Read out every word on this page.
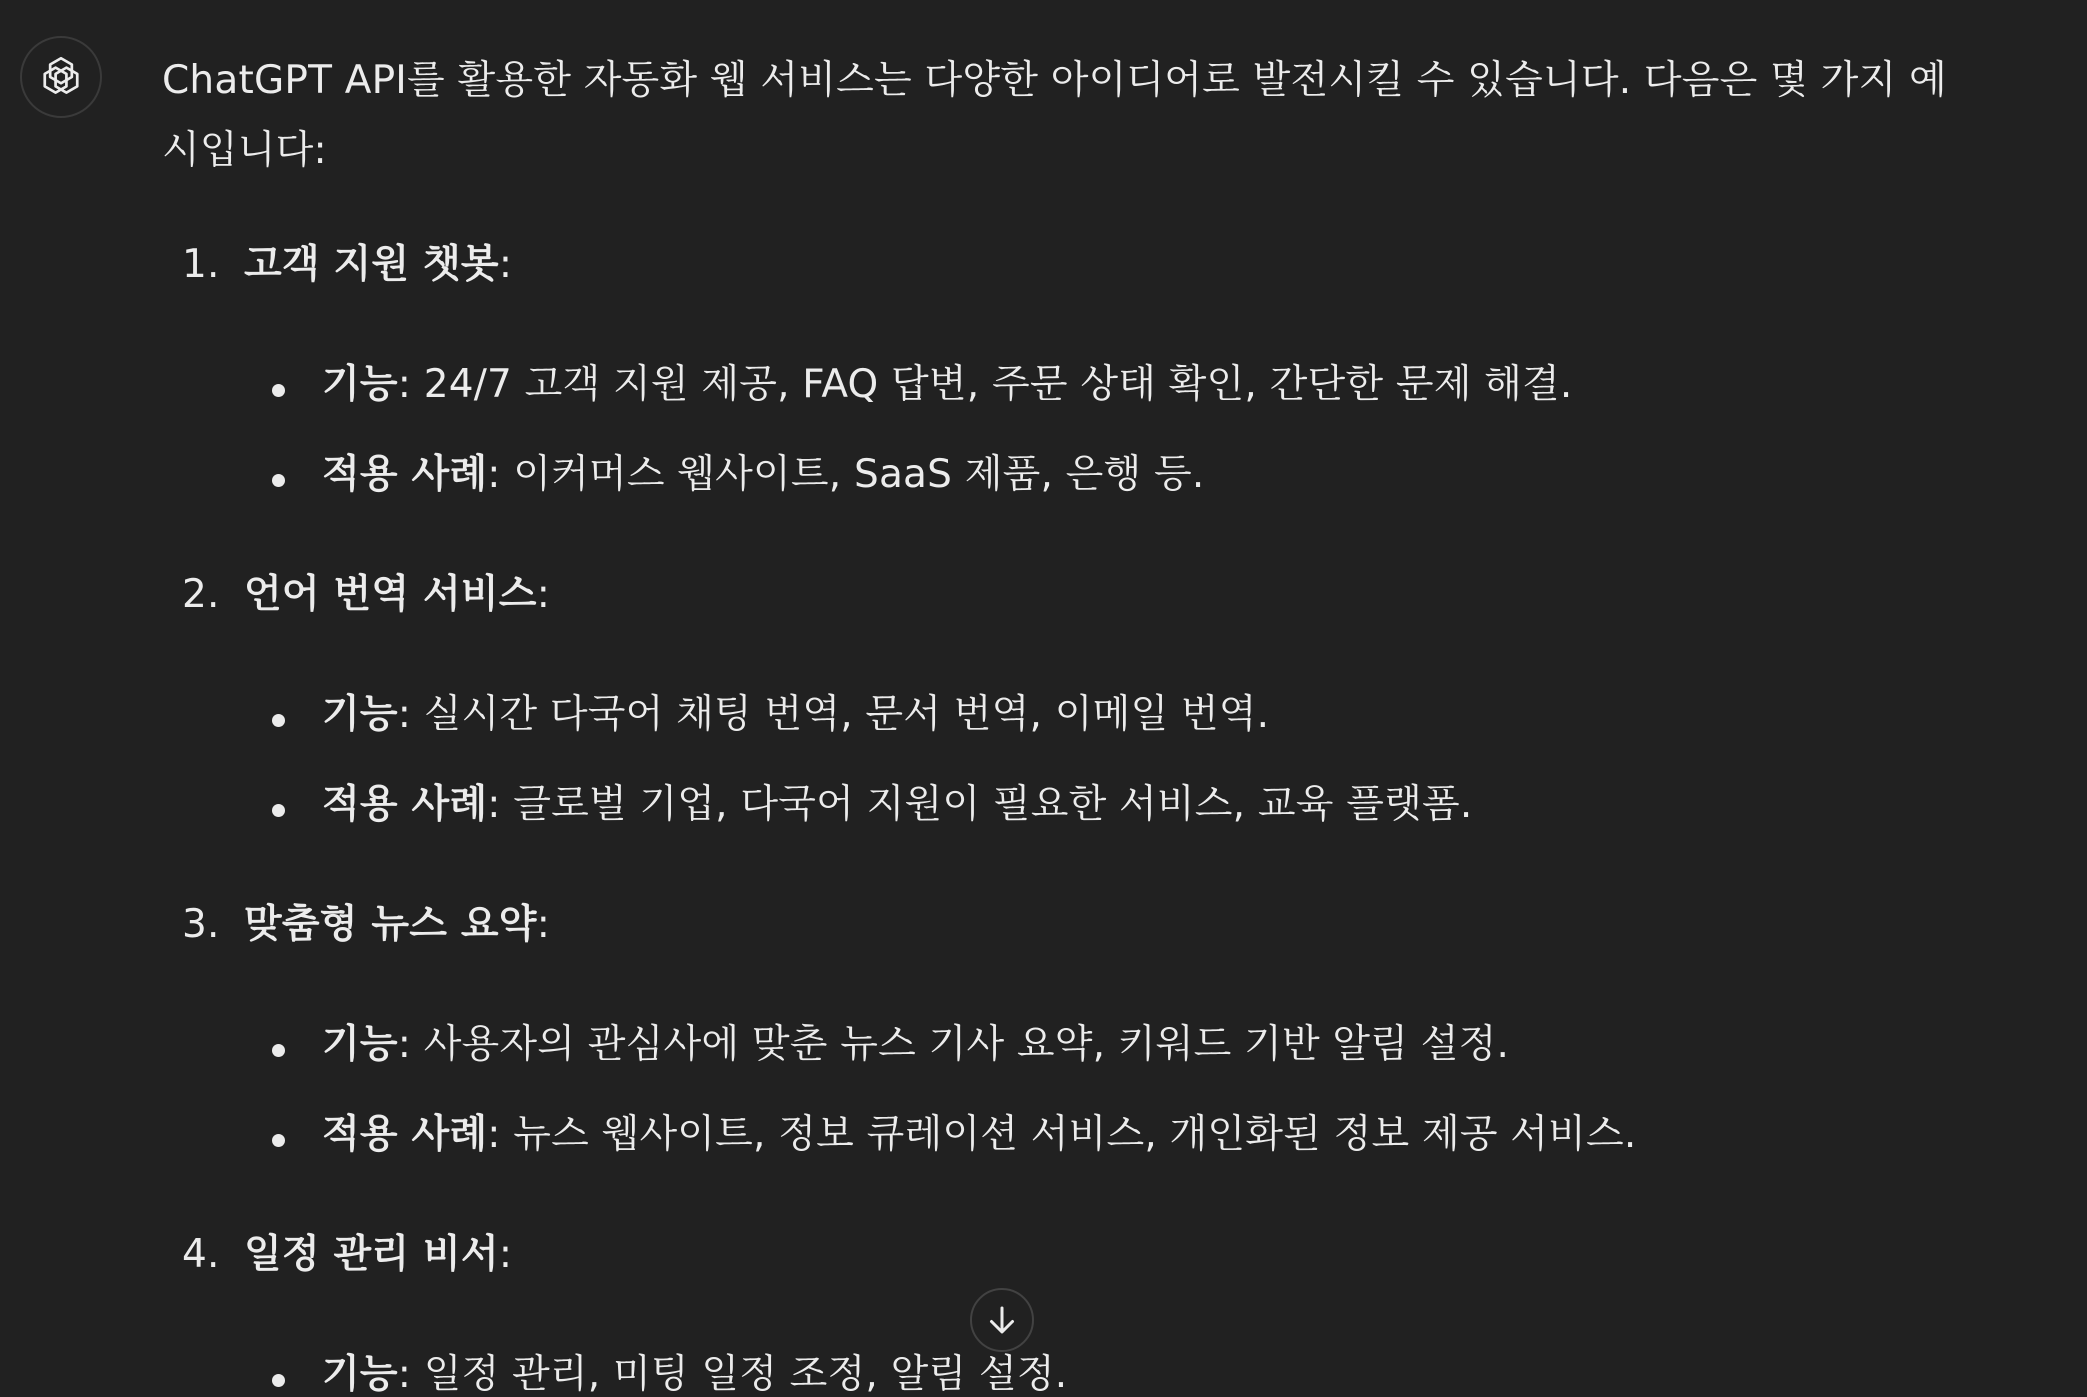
ChatGPT API를 활용한 자동화 웹 서비스는 다양한 아이디어로 발전시킬 수 있습니다. 다음은 몇 가지 예시입니다:

1. 고객 지원 챗봇:
기능: 24/7 고객 지원 제공, FAQ 답변, 주문 상태 확인, 간단한 문제 해결.
적용 사례: 이커머스 웹사이트, SaaS 제품, 은행 등.
2. 언어 번역 서비스:
기능: 실시간 다국어 채팅 번역, 문서 번역, 이메일 번역.
적용 사례: 글로벌 기업, 다국어 지원이 필요한 서비스, 교육 플랫폼.
3. 맞춤형 뉴스 요약:
기능: 사용자의 관심사에 맞춘 뉴스 기사 요약, 키워드 기반 알림 설정.
적용 사례: 뉴스 웹사이트, 정보 큐레이션 서비스, 개인화된 정보 제공 서비스.
4. 일정 관리 비서:
기능: 일정 관리, 미팅 일정 조정, 알림 설정.
